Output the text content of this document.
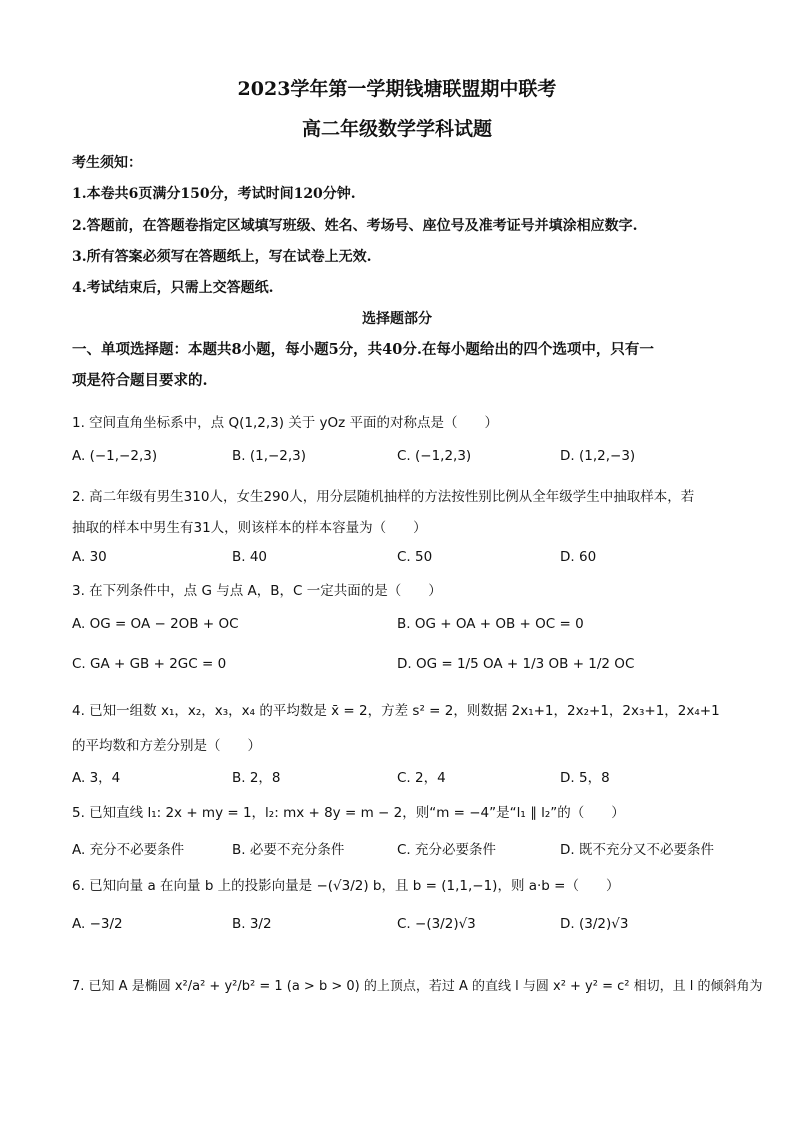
2023学年第一学期钱塘联盟期中联考
高二年级数学学科试题
考生须知：
1.本卷共6页满分150分，考试时间120分钟.
2.答题前，在答题卷指定区域填写班级、姓名、考场号、座位号及准考证号并填涂相应数字.
3.所有答案必须写在答题纸上，写在试卷上无效.
4.考试结束后，只需上交答题纸.
选择题部分
一、单项选择题：本题共8小题，每小题5分，共40分.在每小题给出的四个选项中，只有一
项是符合题目要求的.
1. 空间直角坐标系中，点 Q(1,2,3) 关于 yOz 平面的对称点是（　　）
A. (−1,−2,3)	B. (1,−2,3)	C. (−1,2,3)	D. (1,2,−3)
2. 高二年级有男生310人，女生290人，用分层随机抽样的方法按性别比例从全年级学生中抽取样本，若
抽取的样本中男生有31人，则该样本的样本容量为（　　）
A. 30	B. 40	C. 50	D. 60
3. 在下列条件中，点 G 与点 A，B，C 一定共面的是（　　）
A. OG = OA − 2OB + OC	B. OG + OA + OB + OC = 0
C. GA + GB + 2GC = 0	D. OG = 1/5 OA + 1/3 OB + 1/2 OC
4. 已知一组数 x₁，x₂，x₃，x₄ 的平均数是 x̄ = 2，方差 s² = 2，则数据 2x₁+1，2x₂+1，2x₃+1，2x₄+1
的平均数和方差分别是（　　）
A. 3，4	B. 2，8	C. 2，4	D. 5，8
5. 已知直线 l₁: 2x + my = 1，l₂: mx + 8y = m − 2，则“m = −4”是“l₁ ∥ l₂”的（　　）
A. 充分不必要条件	B. 必要不充分条件	C. 充分必要条件	D. 既不充分又不必要条件
6. 已知向量 a 在向量 b 上的投影向量是 −(√3/2) b，且 b = (1,1,−1)，则 a·b =（　　）
A. −3/2	B. 3/2	C. −(3/2)√3	D. (3/2)√3
7. 已知 A 是椭圆 x²/a² + y²/b² = 1 (a > b > 0) 的上顶点，若过 A 的直线 l 与圆 x² + y² = c² 相切，且 l 的倾斜角为
